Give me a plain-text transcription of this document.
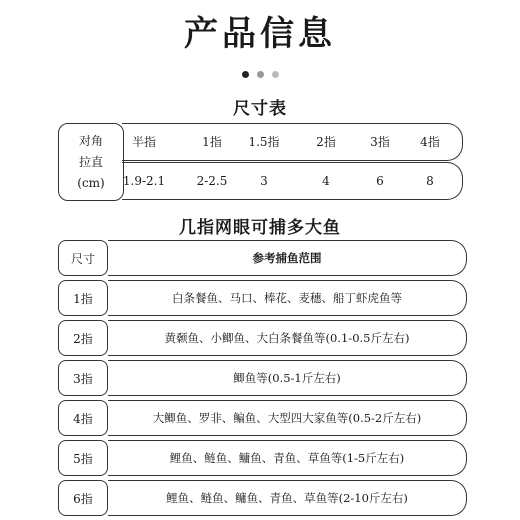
产品信息

尺寸表
对角
拉直
(cm)
半指	1指 1.5指	2指	3指	4指
1.9-2.1	2-2.5	3	4	6	8
几指网眼可捕多大鱼
尺寸	参考捕鱼范围
1指	白条餐鱼、马口、棒花、麦穗、船丁虾虎鱼等
2指	黄颡鱼、小鲫鱼、大白条餐鱼等(0.1-0.5斤左右)
3指	鲫鱼等(0.5-1斤左右)
4指	大鲫鱼、罗非、鳊鱼、大型四大家鱼等(0.5-2斤左右)
5指	鲤鱼、鲢鱼、鳙鱼、青鱼、草鱼等(1-5斤左右)
6指	鲤鱼、鲢鱼、鳙鱼、青鱼、草鱼等(2-10斤左右)
